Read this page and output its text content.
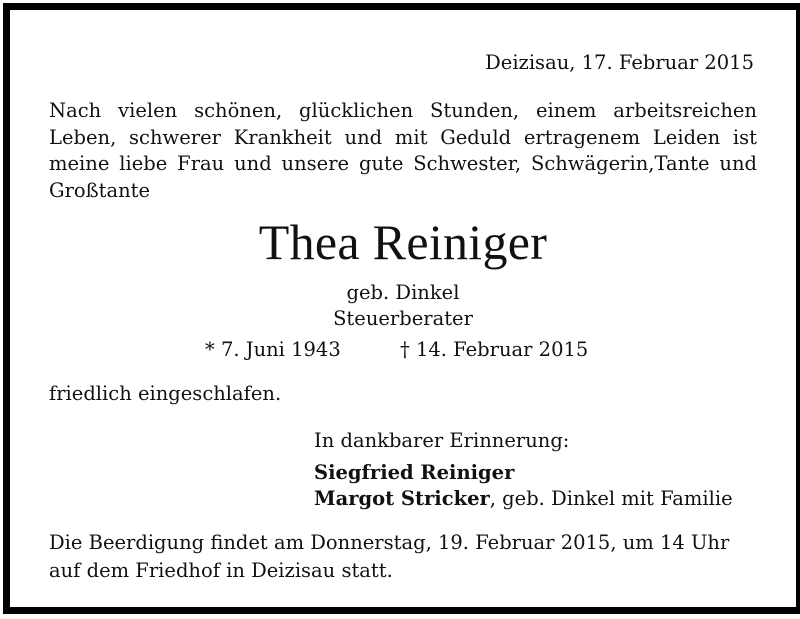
Deizisau, 17. Februar 2015
Nach vielen schönen, glücklichen Stunden, einem arbeitsreichen
Leben, schwerer Krankheit und mit Geduld ertragenem Leiden ist
meine liebe Frau und unsere gute Schwester, Schwägerin,Tante und
Großtante
Thea Reiniger
geb. Dinkel
Steuerberater
* 7. Juni 1943	† 14. Februar 2015
friedlich eingeschlafen.
In dankbarer Erinnerung:
Siegfried Reiniger
Margot Stricker, geb. Dinkel mit Familie
Die Beerdigung findet am Donnerstag, 19. Februar 2015, um 14 Uhr
auf dem Friedhof in Deizisau statt.
